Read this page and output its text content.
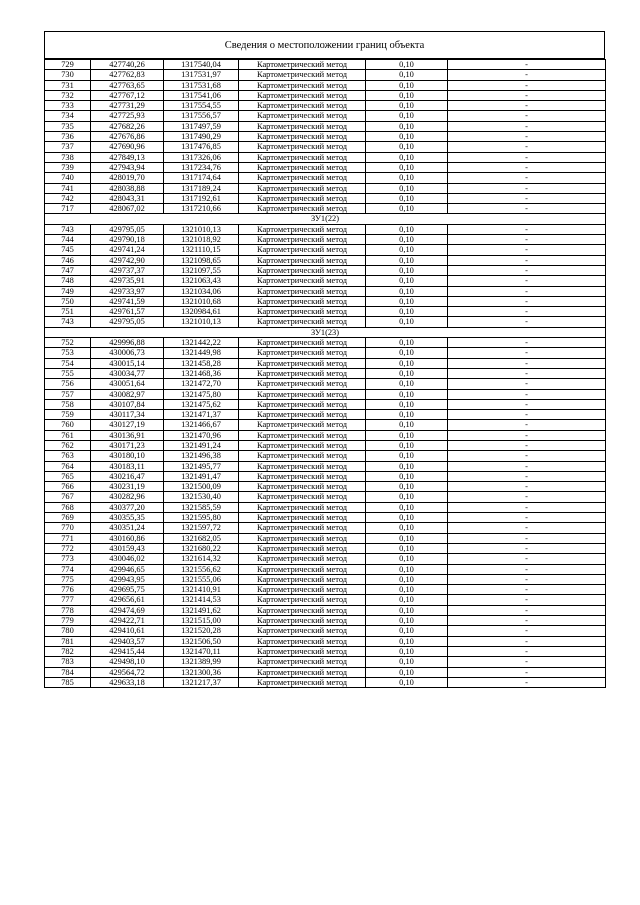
Сведения о местоположении границ объекта
729	427740,26	1317540,04	Картометрический метод	0,10	-
730	427762,83	1317531,97	Картометрический метод	0,10	-
731	427763,65	1317531,68	Картометрический метод	0,10	-
732	427767,12	1317541,06	Картометрический метод	0,10	-
733	427731,29	1317554,55	Картометрический метод	0,10	-
734	427725,93	1317556,57	Картометрический метод	0,10	-
735	427682,26	1317497,59	Картометрический метод	0,10	-
736	427676,86	1317490,29	Картометрический метод	0,10	-
737	427690,96	1317476,85	Картометрический метод	0,10	-
738	427849,13	1317326,06	Картометрический метод	0,10	-
739	427943,94	1317234,76	Картометрический метод	0,10	-
740	428019,70	1317174,64	Картометрический метод	0,10	-
741	428038,88	1317189,24	Картометрический метод	0,10	-
742	428043,31	1317192,61	Картометрический метод	0,10	-
717	428067,02	1317210,66	Картометрический метод	0,10	-
ЗУ1(22)					
743	429795,05	1321010,13	Картометрический метод	0,10	-
744	429790,18	1321018,92	Картометрический метод	0,10	-
745	429741,24	1321110,15	Картометрический метод	0,10	-
746	429742,90	1321098,65	Картометрический метод	0,10	-
747	429737,37	1321097,55	Картометрический метод	0,10	-
748	429735,91	1321063,43	Картометрический метод	0,10	-
749	429733,97	1321034,06	Картометрический метод	0,10	-
750	429741,59	1321010,68	Картометрический метод	0,10	-
751	429761,57	1320984,61	Картометрический метод	0,10	-
743	429795,05	1321010,13	Картометрический метод	0,10	-
ЗУ1(23)					
752	429996,88	1321442,22	Картометрический метод	0,10	-
753	430006,73	1321449,98	Картометрический метод	0,10	-
754	430015,14	1321458,28	Картометрический метод	0,10	-
755	430034,77	1321468,36	Картометрический метод	0,10	-
756	430051,64	1321472,70	Картометрический метод	0,10	-
757	430082,97	1321475,80	Картометрический метод	0,10	-
758	430107,84	1321475,62	Картометрический метод	0,10	-
759	430117,34	1321471,37	Картометрический метод	0,10	-
760	430127,19	1321466,67	Картометрический метод	0,10	-
761	430136,91	1321470,96	Картометрический метод	0,10	-
762	430171,23	1321491,24	Картометрический метод	0,10	-
763	430180,10	1321496,38	Картометрический метод	0,10	-
764	430183,11	1321495,77	Картометрический метод	0,10	-
765	430216,47	1321491,47	Картометрический метод	0,10	-
766	430231,19	1321500,09	Картометрический метод	0,10	-
767	430282,96	1321530,40	Картометрический метод	0,10	-
768	430377,20	1321585,59	Картометрический метод	0,10	-
769	430355,35	1321595,80	Картометрический метод	0,10	-
770	430351,24	1321597,72	Картометрический метод	0,10	-
771	430160,86	1321682,05	Картометрический метод	0,10	-
772	430159,43	1321680,22	Картометрический метод	0,10	-
773	430046,02	1321614,32	Картометрический метод	0,10	-
774	429946,65	1321556,62	Картометрический метод	0,10	-
775	429943,95	1321555,06	Картометрический метод	0,10	-
776	429695,75	1321410,91	Картометрический метод	0,10	-
777	429656,61	1321414,53	Картометрический метод	0,10	-
778	429474,69	1321491,62	Картометрический метод	0,10	-
779	429422,71	1321515,00	Картометрический метод	0,10	-
780	429410,61	1321520,28	Картометрический метод	0,10	-
781	429403,57	1321506,50	Картометрический метод	0,10	-
782	429415,44	1321470,11	Картометрический метод	0,10	-
783	429498,10	1321389,99	Картометрический метод	0,10	-
784	429564,72	1321300,36	Картометрический метод	0,10	-
785	429633,18	1321217,37	Картометрический метод	0,10	-
